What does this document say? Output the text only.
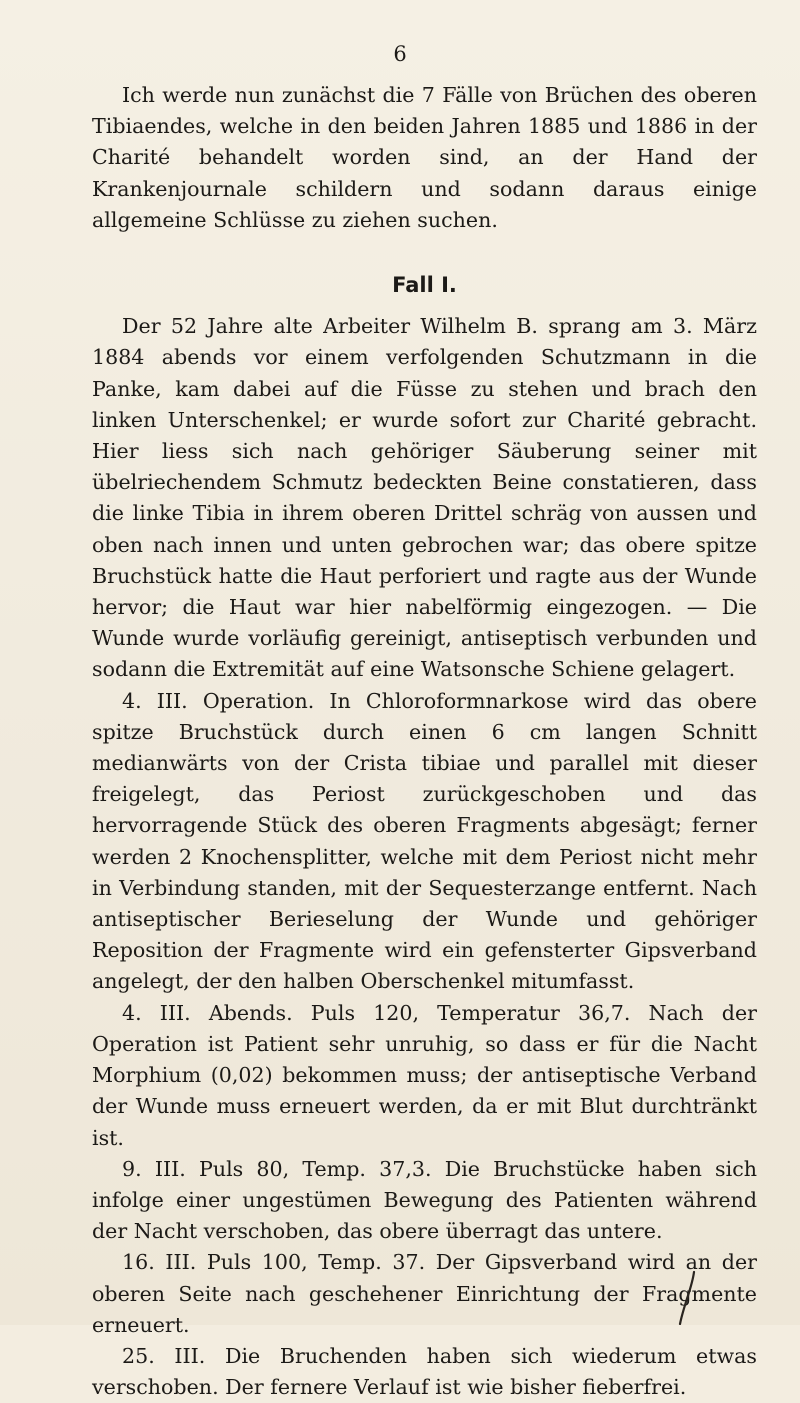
6

Ich werde nun zunächst die 7 Fälle von Brüchen des oberen Tibiaendes, welche in den beiden Jahren 1885 und 1886 in der Charité behandelt worden sind, an der Hand der Krankenjournale schildern und sodann daraus einige allgemeine Schlüsse zu ziehen suchen.

Fall I.

Der 52 Jahre alte Arbeiter Wilhelm B. sprang am 3. März 1884 abends vor einem verfolgenden Schutzmann in die Panke, kam dabei auf die Füsse zu stehen und brach den linken Unterschenkel; er wurde sofort zur Charité gebracht. Hier liess sich nach gehöriger Säuberung seiner mit übelriechendem Schmutz bedeckten Beine constatieren, dass die linke Tibia in ihrem oberen Drittel schräg von aussen und oben nach innen und unten gebrochen war; das obere spitze Bruchstück hatte die Haut perforiert und ragte aus der Wunde hervor; die Haut war hier nabelförmig eingezogen. — Die Wunde wurde vorläufig gereinigt, antiseptisch verbunden und sodann die Extremität auf eine Watsonsche Schiene gelagert.

4. III. Operation. In Chloroformnarkose wird das obere spitze Bruchstück durch einen 6 cm langen Schnitt medianwärts von der Crista tibiae und parallel mit dieser freigelegt, das Periost zurückgeschoben und das hervorragende Stück des oberen Fragments abgesägt; ferner werden 2 Knochensplitter, welche mit dem Periost nicht mehr in Verbindung standen, mit der Sequesterzange entfernt. Nach antiseptischer Berieselung der Wunde und gehöriger Reposition der Fragmente wird ein gefensterter Gipsverband angelegt, der den halben Oberschenkel mitumfasst.

4. III. Abends. Puls 120, Temperatur 36,7. Nach der Operation ist Patient sehr unruhig, so dass er für die Nacht Morphium (0,02) bekommen muss; der antiseptische Verband der Wunde muss erneuert werden, da er mit Blut durchtränkt ist.

9. III. Puls 80, Temp. 37,3. Die Bruchstücke haben sich infolge einer ungestümen Bewegung des Patienten während der Nacht verschoben, das obere überragt das untere.

16. III. Puls 100, Temp. 37. Der Gipsverband wird an der oberen Seite nach geschehener Einrichtung der Fragmente erneuert.

25. III. Die Bruchenden haben sich wiederum etwas verschoben. Der fernere Verlauf ist wie bisher fieberfrei.
